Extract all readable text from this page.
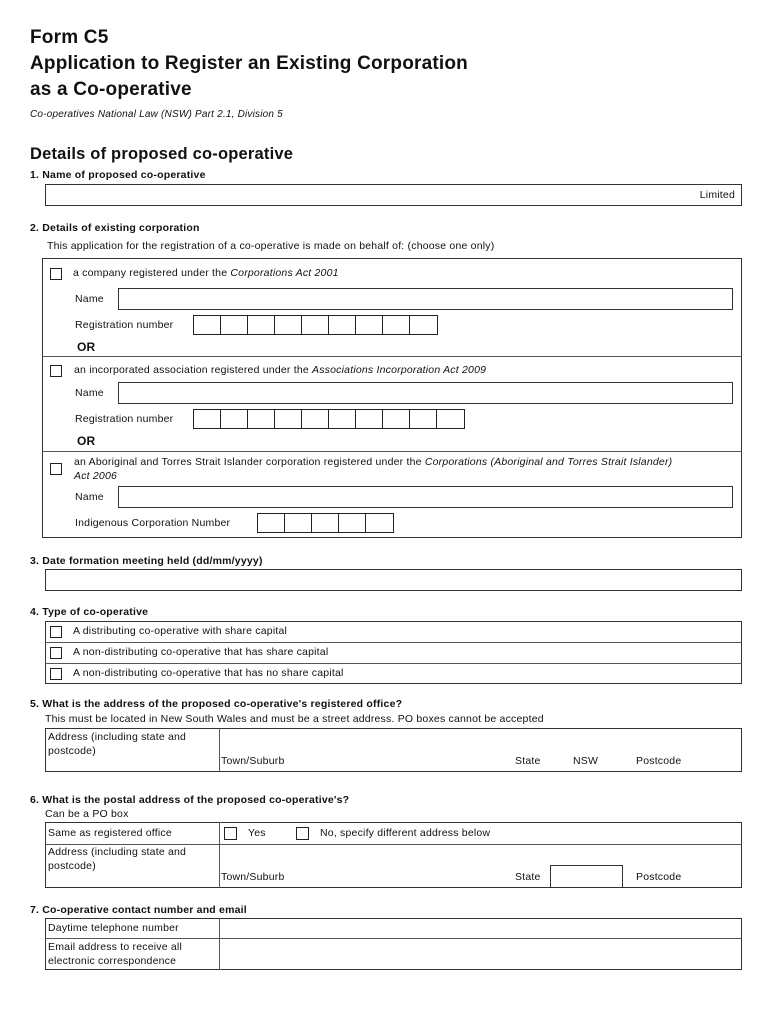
Form C5
Application to Register an Existing Corporation
as a Co-operative
Co-operatives National Law (NSW) Part 2.1, Division 5
Details of proposed co-operative
1. Name of proposed co-operative
Limited
2. Details of existing corporation
This application for the registration of a co-operative is made on behalf of: (choose one only)
a company registered under the Corporations Act 2001
Name
Registration number
OR
an incorporated association registered under the Associations Incorporation Act 2009
Name
Registration number
OR
an Aboriginal and Torres Strait Islander corporation registered under the Corporations (Aboriginal and Torres Strait Islander)
Act 2006
Name
Indigenous Corporation Number
3. Date formation meeting held (dd/mm/yyyy)
4. Type of co-operative
A distributing co-operative with share capital
A non-distributing co-operative that has share capital
A non-distributing co-operative that has no share capital
5. What is the address of the proposed co-operative's registered office?
This must be located in New South Wales and must be a street address. PO boxes cannot be accepted
Address (including state and
postcode)
Town/Suburb	State	NSW	Postcode
6. What is the postal address of the proposed co-operative's?
Can be a PO box
Same as registered office	Yes	No, specify different address below
Address (including state and
postcode)
Town/Suburb	State	Postcode
7. Co-operative contact number and email
Daytime telephone number
Email address to receive all
electronic correspondence
